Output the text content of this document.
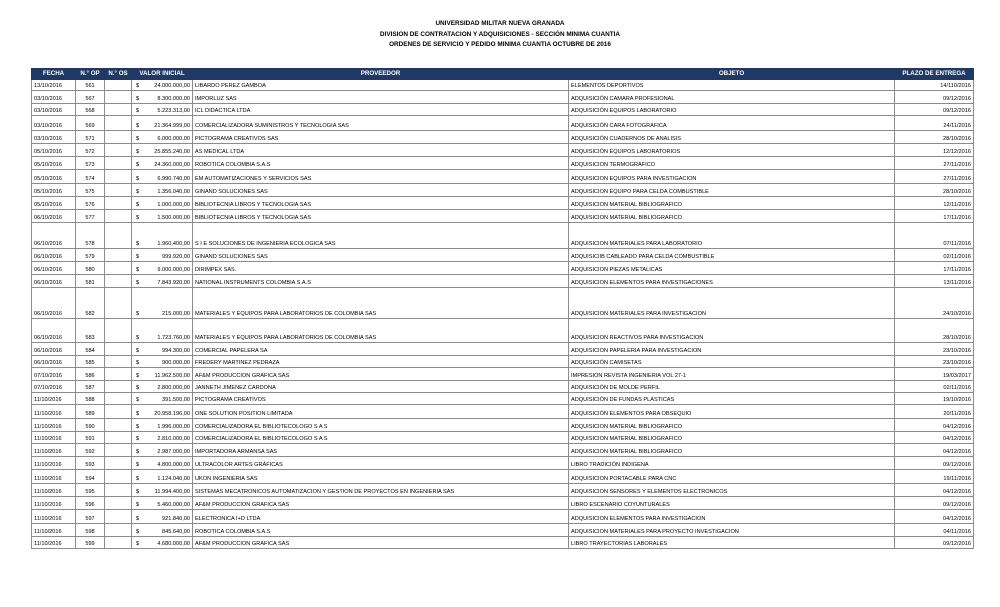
UNIVERSIDAD MILITAR NUEVA GRANADA
DIVISION DE CONTRATACION Y ADQUISICIONES - SECCIÓN MINIMA CUANTIA
ORDENES DE SERVICIO Y PEDIDO MINIMA CUANTIA OCTUBRE DE 2016
FECHA	N.° OP	N.° OS	VALOR INICIAL	PROVEEDOR	OBJETO	PLAZO DE ENTREGA
13/10/2016	561		$ 24.000.000,00	LIBARDO PEREZ GAMBOA	ELEMENTOS DEPORTIVOS	14/110/2016
03/10/2016	567		$ 8.300.000,00	IMPORLUZ SAS	ADQUISICIÓN CAMARA PROFESIONAL	09/12/2016
03/10/2016	568		$ 5.223.313,00	ICL DIDACTICA LTDA	ADQUISICIÓN EQUIPOS LABORATORIO	09/12/2016
03/10/2016	569		$ 21.364.999,00	COMERCIALIZADORA SUMINISTROS Y TECNOLOGIA SAS	ADQUISICIÓN CARA FOTOGRAFICA	24/11/2016
03/10/2016	571		$ 6.000.000,00	PICTOGRAMA CREATIVOS SAS	ADQUISICIÓN CUADERNOS DE ANALISIS	28/10/2016
05/10/2016	572		$ 25.855.240,00	AS MEDICAL LTDA	ADQUISICIÓN EQUIPOS LABORATORIOS	12/12/2016
05/10/2016	573		$ 24.360.000,00	ROBOTICA COLOMBIA S.A.S	ADQUISICION TERMOGRAFICO	27/11/2016
05/10/2016	574		$ 6.990.740,00	EM AUTOMATIZACIONES Y SERVICIOS SAS	ADQUISICION EQUIPOS PARA INVESTIGACION	27/11/2016
05/10/2016	575		$ 1.356.040,00	GINAND SOLUCIONES SAS	ADQUISICION EQUIPO PARA CELDA COMBUSTIBLE	28/10/2016
05/10/2016	576		$ 1.000.000,00	BIBLIOTECNIA LIBROS Y TECNOLOGIA SAS	ADQUISICION MATERIAL BIBLIOGRAFICO	12/11/2016
06/10/2016	577		$ 1.500.000,00	BIBLIOTECNIA LIBROS Y TECNOLOGIA SAS	ADQUISICION MATERIAL BIBLIOGRAFICO	17/11/2016
06/10/2016	578		$ 1.960.400,00	S I E SOLUCIONES DE INGENIERIA ECOLOGICA SAS	ADQUISICION MATERIALES PARA LABORATORIO	07/11/2016
06/10/2016	579		$ 999.920,00	GINAND SOLUCIONES SAS	ADQUISICIIB CABLEADO PARA CELDA COMBUSTIBLE	02/11/2016
06/10/2016	580		$ 9.000.000,00	DIRIMPEX SAS.	ADQUISICION PIEZAS METALICAS	17/11/2016
06/10/2016	581		$ 7.843.920,00	NATIONAL INSTRUMENTS COLOMBIA S.A.S	ADQUISICION ELEMENTOS PARA INVESTIGACIONES	13/11/2016
06/10/2016	582		$ 215.000,00	MATERIALES Y EQUIPOS PARA LABORATORIOS DE COLOMBIA SAS	ADQUISICION MATERIALES PARA INVESTIGACION	24/10/2016
06/10/2016	583		$ 1.723.760,00	MATERIALES Y EQUIPOS PARA LABORATORIOS DE COLOMBIA SAS	ADQUISICION REACTIVOS PARA INVESTIGACION	28/10/2016
06/10/2016	584		$ 994.300,00	COMERCIAL PAPELERA SA	ADQUISICION PAPELERIA PARA INVESTIGACION	23/10/2016
06/10/2016	585		$ 900.000,00	FREDERY MARTINEZ PEDRAZA	ADQUISICIÓN CAMISETAS	23/10/2016
07/10/2016	586		$ 11.962.500,00	AF&M PRODUCCION GRAFICA SAS	IMPRESION REVISTA INGENIERIA VOL 27-1	19/03/2017
07/10/2016	587		$ 2.800.000,00	JANNETH JIMENEZ CARDONA	ADQUISICIÓN DE MOLDE PERFIL	02/11/2016
11/10/2016	588		$ 391.500,00	PICTOGRAMA CREATIVOS	ADQUISICIÓN DE FUNDAS PLASTICAS	19/10/2016
11/10/2016	589		$ 20.958.196,00	ONE SOLUTION POSITION LIMITADA	ADQUISICIÓN ELEMENTOS PARA OBSEQUIO	20/11/2016
11/10/2016	590		$ 1.996.000,00	COMERCIALIZADORA EL BIBLIOTECOLOGO S A S	ADQUISICION MATERIAL BIBLIOGRAFICO	04/12/2016
11/10/2016	591		$ 2.810.000,00	COMERCIALIZADORA EL BIBLIOTECOLOGO S A S	ADQUISICION MATERIAL BIBLIOGRAFICO	04/12/2016
11/10/2016	592		$ 2.987.000,00	IMPORTADORA ARMANSA SAS	ADQUISICION MATERIAL BIBLIOGRAFICO	04/12/2016
11/10/2016	593		$ 4.800.000,00	ULTRACOLOR ARTES GRÁFICAS	LIBRO TRADICIÓN INDIGENA	09/12/2016
11/10/2016	594		$ 1.124.040,00	UKON INGENIERIA SAS	ADQUISICION PORTACABLE PARA CNC	19/11/2016
11/10/2016	595		$ 11.994.400,00	SISTEMAS MECATRONICOS AUTOMATIZACION Y GESTION DE PROYECTOS EN INGENIERIA SAS	ADQUISICION SENSORES Y ELEMENTOS ELECTRONICOS	04/12/2016
11/10/2016	596		$ 5.460.000,00	AF&M PRODUCCION GRAFICA SAS	LIBRO ESCENARIO COYUNTURALES	09/12/2016
11/10/2016	597		$ 921.840,00	ELECTRONICA I+D LTDA	ADQUISICION ELEMENTOS PARA INVESTIGACION	04/12/2016
11/10/2016	598		$ 845.640,00	ROBOTICA COLOMBIA S.A.S	ADQUISICION MATERIALES PARA PROYECTO INVESTIGACION	04/11/2016
11/10/2016	599		$ 4.680.000,00	AF&M PRODUCCION GRAFICA SAS	LIBRO TRAYECTORIAS LABORALES	09/12/2016
